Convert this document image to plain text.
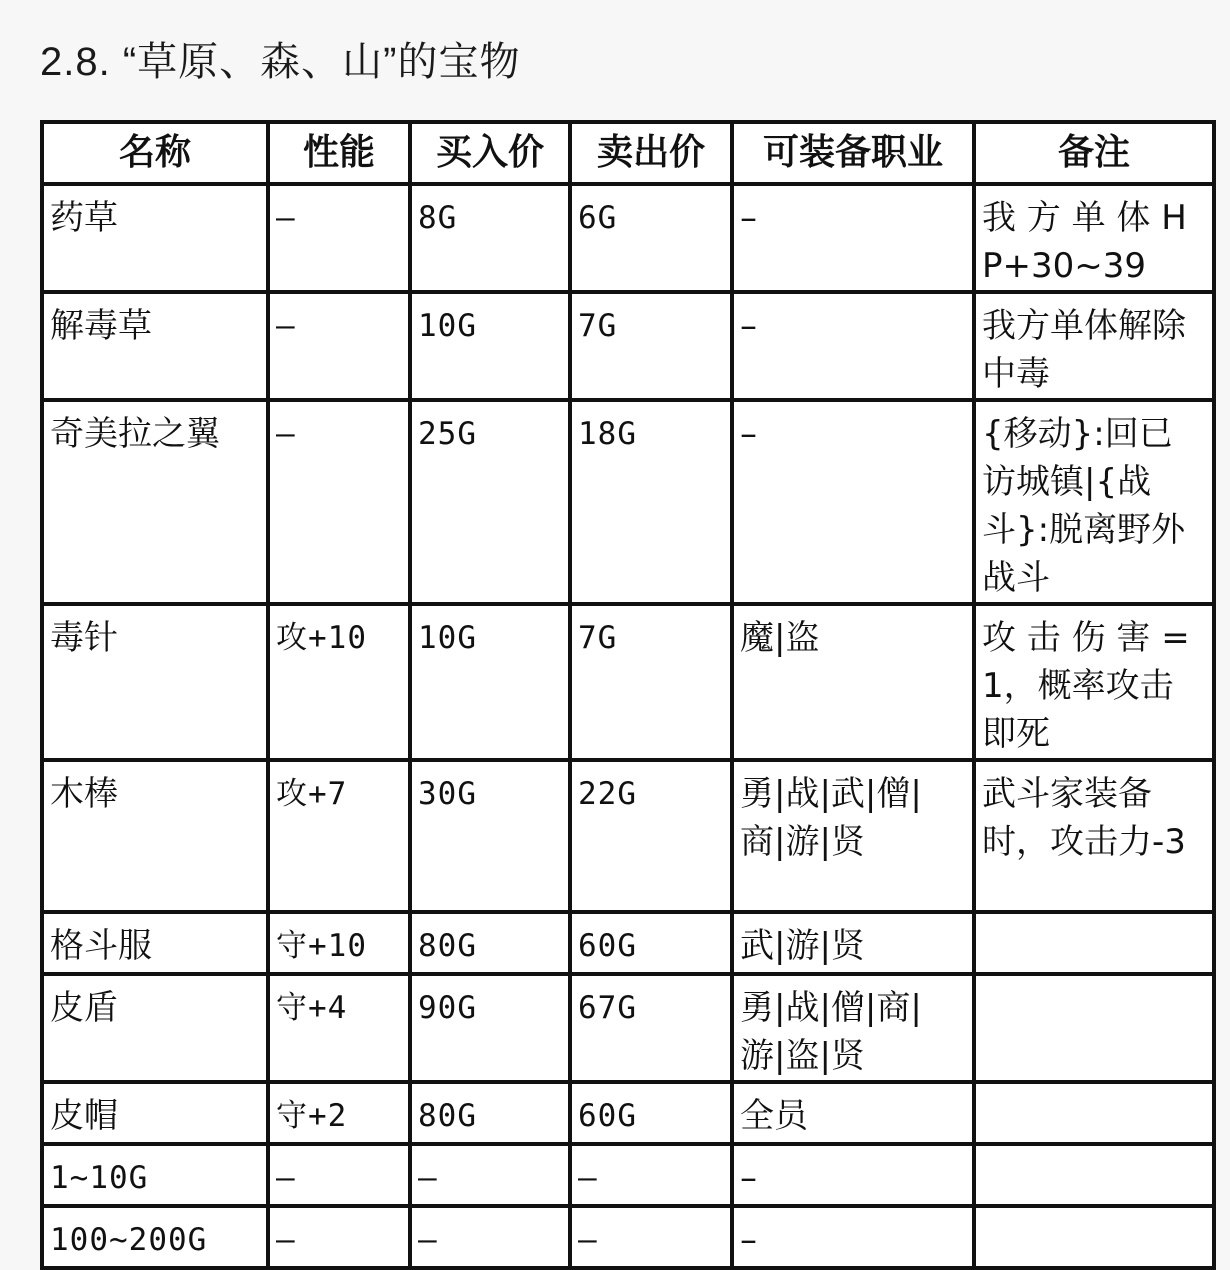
2.8. “草原、森、山”的宝物
名称	性能	买入价	卖出价	可装备职业	备注
药草	–	8G	6G	–	我 方 单 体 HP+30~39
解毒草	–	10G	7G	–	我方单体解除中毒
奇美拉之翼	–	25G	18G	–	{移动}:回已访城镇|{战斗}:脱离野外战斗
毒针	攻+10	10G	7G	魔|盗	攻 击 伤 害 =1，概率攻击即死
木棒	攻+7	30G	22G	勇|战|武|僧|商|游|贤	武斗家装备时，攻击力-3
格斗服	守+10	80G	60G	武|游|贤	
皮盾	守+4	90G	67G	勇|战|僧|商|游|盗|贤	
皮帽	守+2	80G	60G	全员	
1~10G	–	–	–	–	
100~200G	–	–	–	–	
